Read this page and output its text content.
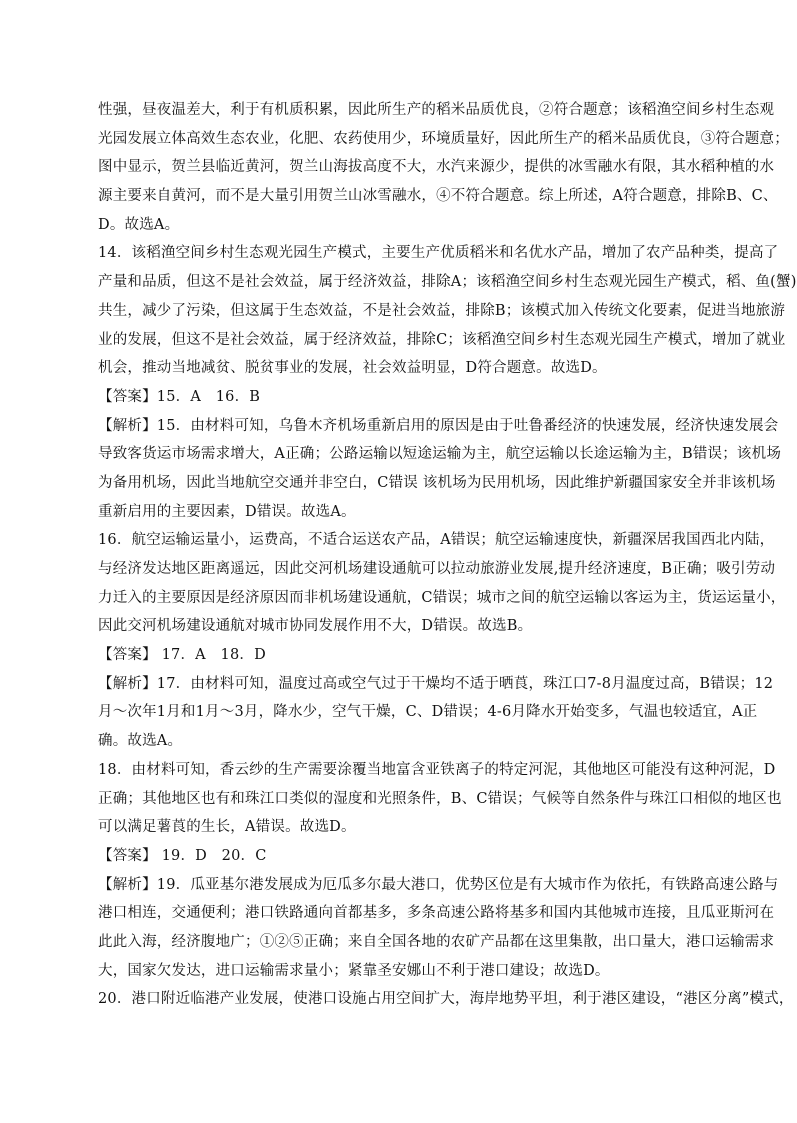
性强，昼夜温差大，利于有机质积累，因此所生产的稻米品质优良，②符合题意；该稻渔空间乡村生态观
光园发展立体高效生态农业，化肥、农药使用少，环境质量好，因此所生产的稻米品质优良，③符合题意；
图中显示，贺兰县临近黄河，贺兰山海拔高度不大，水汽来源少，提供的冰雪融水有限，其水稻种植的水
源主要来自黄河，而不是大量引用贺兰山冰雪融水，④不符合题意。综上所述，A符合题意，排除B、C、
D。故选A。
14．该稻渔空间乡村生态观光园生产模式，主要生产优质稻米和名优水产品，增加了农产品种类，提高了
产量和品质，但这不是社会效益，属于经济效益，排除A；该稻渔空间乡村生态观光园生产模式，稻、鱼(蟹)
共生，减少了污染，但这属于生态效益，不是社会效益，排除B；该模式加入传统文化要素，促进当地旅游
业的发展，但这不是社会效益，属于经济效益，排除C；该稻渔空间乡村生态观光园生产模式，增加了就业
机会，推动当地减贫、脱贫事业的发展，社会效益明显，D符合题意。故选D。
【答案】15．A　16．B
【解析】15．由材料可知，乌鲁木齐机场重新启用的原因是由于吐鲁番经济的快速发展，经济快速发展会
导致客货运市场需求增大，A正确；公路运输以短途运输为主，航空运输以长途运输为主，B错误；该机场
为备用机场，因此当地航空交通并非空白，C错误 该机场为民用机场，因此维护新疆国家安全并非该机场
重新启用的主要因素，D错误。故选A。
16．航空运输运量小，运费高，不适合运送农产品，A错误；航空运输速度快，新疆深居我国西北内陆，
与经济发达地区距离遥远，因此交河机场建设通航可以拉动旅游业发展,提升经济速度，B正确；吸引劳动
力迁入的主要原因是经济原因而非机场建设通航，C错误；城市之间的航空运输以客运为主，货运运量小，
因此交河机场建设通航对城市协同发展作用不大，D错误。故选B。
【答案】 17．A　18．D
【解析】17．由材料可知，温度过高或空气过于干燥均不适于晒莨，珠江口7-8月温度过高，B错误；12
月～次年1月和1月～3月，降水少，空气干燥，C、D错误；4-6月降水开始变多，气温也较适宜，A正
确。故选A。
18．由材料可知，香云纱的生产需要涂覆当地富含亚铁离子的特定河泥，其他地区可能没有这种河泥，D
正确；其他地区也有和珠江口类似的湿度和光照条件，B、C错误；气候等自然条件与珠江口相似的地区也
可以满足薯莨的生长，A错误。故选D。
【答案】 19．D　20．C
【解析】19．瓜亚基尔港发展成为厄瓜多尔最大港口，优势区位是有大城市作为依托，有铁路高速公路与
港口相连，交通便利；港口铁路通向首都基多，多条高速公路将基多和国内其他城市连接，且瓜亚斯河在
此此入海，经济腹地广；①②⑤正确；来自全国各地的农矿产品都在这里集散，出口量大，港口运输需求
大，国家欠发达，进口运输需求量小；紧靠圣安娜山不利于港口建设；故选D。
20．港口附近临港产业发展，使港口设施占用空间扩大，海岸地势平坦，利于港区建设，“港区分离”模式，
